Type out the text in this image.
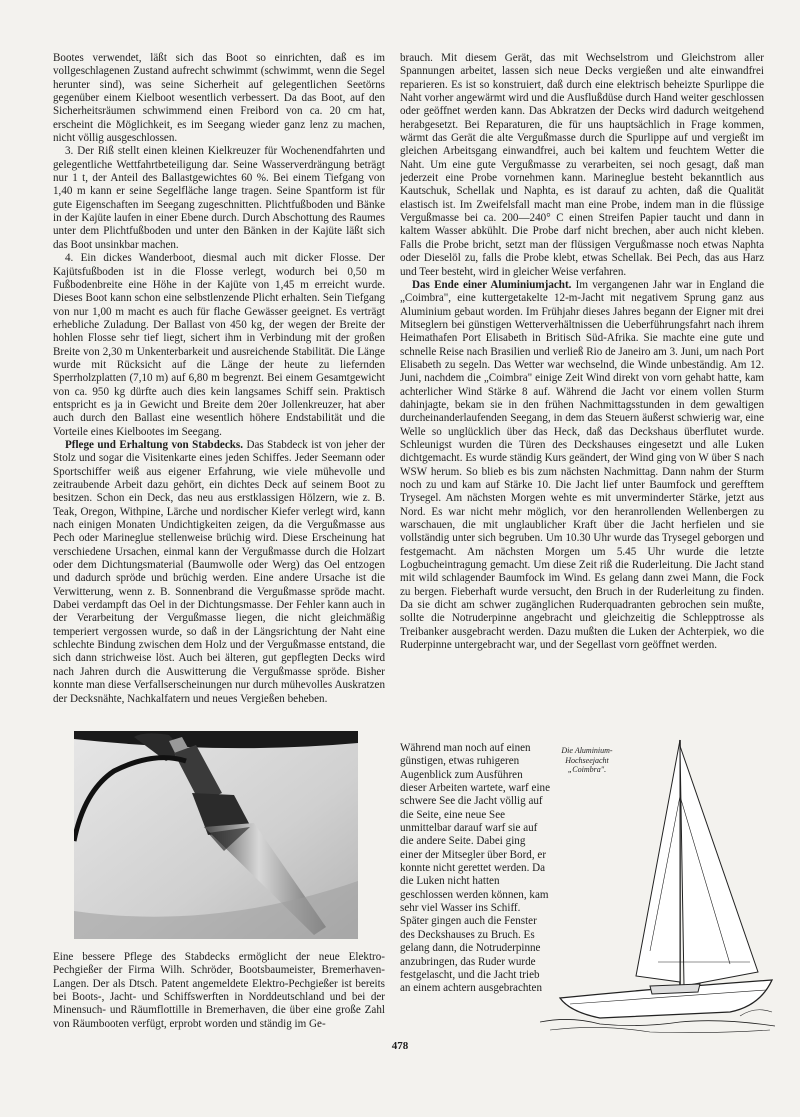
Bootes verwendet, läßt sich das Boot so einrichten, daß es im vollgeschlagenen Zustand aufrecht schwimmt (schwimmt, wenn die Segel herunter sind), was seine Sicherheit auf gelegentlichen Seetörns gegenüber einem Kielboot wesentlich verbessert. Da das Boot, auf den Sicherheitsräumen schwimmend einen Freibord von ca. 20 cm hat, erscheint die Möglichkeit, es im Seegang wieder ganz lenz zu machen, nicht völlig ausgeschlossen.

3. Der Riß stellt einen kleinen Kielkreuzer für Wochenendfahrten und gelegentliche Wettfahrtbeteiligung dar. Seine Wasserverdrängung beträgt nur 1 t, der Anteil des Ballastgewichtes 60 %. Bei einem Tiefgang von 1,40 m kann er seine Segelfläche lange tragen. Seine Spantform ist für gute Eigenschaften im Seegang zugeschnitten. Plichtfußboden und Bänke in der Kajüte laufen in einer Ebene durch. Durch Abschottung des Raumes unter dem Plichtfußboden und unter den Bänken in der Kajüte läßt sich das Boot unsinkbar machen.

4. Ein dickes Wanderboot, diesmal auch mit dicker Flosse. Der Kajütsfußboden ist in die Flosse verlegt, wodurch bei 0,50 m Fußbodenbreite eine Höhe in der Kajüte von 1,45 m erreicht wurde. Dieses Boot kann schon eine selbstlenzende Plicht erhalten. Sein Tiefgang von nur 1,00 m macht es auch für flache Gewässer geeignet. Es verträgt erhebliche Zuladung. Der Ballast von 450 kg, der wegen der Breite der hohlen Flosse sehr tief liegt, sichert ihm in Verbindung mit der großen Breite von 2,30 m Unkenterbarkeit und ausreichende Stabilität. Die Länge wurde mit Rücksicht auf die Länge der heute zu liefernden Sperrholzplatten (7,10 m) auf 6,80 m begrenzt. Bei einem Gesamtgewicht von ca. 950 kg dürfte auch dies kein langsames Schiff sein. Praktisch entspricht es ja in Gewicht und Breite dem 20er Jollenkreuzer, hat aber auch durch den Ballast eine wesentlich höhere Endstabilität und die Vorteile eines Kielbootes im Seegang.

Pflege und Erhaltung von Stabdecks. Das Stabdeck ist von jeher der Stolz und sogar die Visitenkarte eines jeden Schiffes. Jeder Seemann oder Sportschiffer weiß aus eigener Erfahrung, wie viele mühevolle und zeitraubende Arbeit dazu gehört, ein dichtes Deck auf seinem Boot zu besitzen. Schon ein Deck, das neu aus erstklassigen Hölzern, wie z. B. Teak, Oregon, Withpine, Lärche und nordischer Kiefer verlegt wird, kann nach einigen Monaten Undichtigkeiten zeigen, da die Vergußmasse aus Pech oder Marineglue stellenweise brüchig wird. Diese Erscheinung hat verschiedene Ursachen, einmal kann der Vergußmasse durch die Holzart oder dem Dichtungsmaterial (Baumwolle oder Werg) das Oel entzogen und dadurch spröde und brüchig werden. Eine andere Ursache ist die Verwitterung, wenn z. B. Sonnenbrand die Vergußmasse spröde macht. Dabei verdampft das Oel in der Dichtungsmasse. Der Fehler kann auch in der Verarbeitung der Vergußmasse liegen, die nicht gleichmäßig temperiert vergossen wurde, so daß in der Längsrichtung der Naht eine schlechte Bindung zwischen dem Holz und der Vergußmasse entstand, die sich dann strichweise löst. Auch bei älteren, gut gepflegten Decks wird nach Jahren durch die Auswitterung die Vergußmasse spröde. Bisher konnte man diese Verfallserscheinungen nur durch mühevolles Auskratzen der Decksnähte, Nachkalfatern und neues Vergießen beheben.

Eine bessere Pflege des Stabdecks ermöglicht der neue Elektro-Pechgießer der Firma Wilh. Schröder, Bootsbaumeister, Bremerhaven-Langen. Der als Dtsch. Patent angemeldete Elektro-Pechgießer ist bereits bei Boots-, Jacht- und Schiffswerften in Norddeutschland und bei der Minensuch- und Räumflottille in Bremerhaven, die über eine große Zahl von Räumbooten verfügt, erprobt worden und ständig im Ge-

brauch. Mit diesem Gerät, das mit Wechselstrom und Gleichstrom aller Spannungen arbeitet, lassen sich neue Decks vergießen und alte einwandfrei reparieren. Es ist so konstruiert, daß durch eine elektrisch beheizte Spurlippe die Naht vorher angewärmt wird und die Ausflußdüse durch Hand weiter geschlossen oder geöffnet werden kann. Das Abkratzen der Decks wird dadurch weitgehend herabgesetzt. Bei Reparaturen, die für uns hauptsächlich in Frage kommen, wärmt das Gerät die alte Vergußmasse durch die Spurlippe auf und vergießt im gleichen Arbeitsgang einwandfrei, auch bei kaltem und feuchtem Wetter die Naht. Um eine gute Vergußmasse zu verarbeiten, sei noch gesagt, daß man jederzeit eine Probe vornehmen kann. Marineglue besteht bekanntlich aus Kautschuk, Schellak und Naphta, es ist darauf zu achten, daß die Qualität elastisch ist. Im Zweifelsfall macht man eine Probe, indem man in die flüssige Vergußmasse bei ca. 200—240° C einen Streifen Papier taucht und dann in kaltem Wasser abkühlt. Die Probe darf nicht brechen, aber auch nicht kleben. Falls die Probe bricht, setzt man der flüssigen Vergußmasse noch etwas Naphta oder Dieselöl zu, falls die Probe klebt, etwas Schellak. Bei Pech, das aus Harz und Teer besteht, wird in gleicher Weise verfahren.

Das Ende einer Aluminiumjacht. Im vergangenen Jahr war in England die „Coimbra", eine kuttergetakelte 12-m-Jacht mit negativem Sprung ganz aus Aluminium gebaut worden. Im Frühjahr dieses Jahres begann der Eigner mit drei Mitseglern bei günstigen Wetterverhältnissen die Ueberführungsfahrt nach ihrem Heimathafen Port Elisabeth in Britisch Süd-Afrika. Sie machte eine gute und schnelle Reise nach Brasilien und verließ Rio de Janeiro am 3. Juni, um nach Port Elisabeth zu segeln. Das Wetter war wechselnd, die Winde unbeständig. Am 12. Juni, nachdem die „Coimbra" einige Zeit Wind direkt von vorn gehabt hatte, kam achterlicher Wind Stärke 8 auf. Während die Jacht vor einem vollen Sturm dahinjagte, bekam sie in den frühen Nachmittagsstunden in dem gewaltigen durcheinanderlaufenden Seegang, in dem das Steuern äußerst schwierig war, eine Welle so unglücklich über das Heck, daß das Deckshaus überflutet wurde. Schleunigst wurden die Türen des Deckshauses eingesetzt und alle Luken dichtgemacht. Es wurde ständig Kurs geändert, der Wind ging von W über S nach WSW herum. So blieb es bis zum nächsten Nachmittag. Dann nahm der Sturm noch zu und kam auf Stärke 10. Die Jacht lief unter Baumfock und gerefftem Trysegel. Am nächsten Morgen wehte es mit unverminderter Stärke, jetzt aus Nord. Es war nicht mehr möglich, vor den heranrollenden Wellenbergen zu warschauen, die mit unglaublicher Kraft über die Jacht herfielen und sie vollständig unter sich begruben. Um 10.30 Uhr wurde das Trysegel geborgen und festgemacht. Am nächsten Morgen um 5.45 Uhr wurde die letzte Logbucheintragung gemacht. Um diese Zeit riß die Ruderleitung. Die Jacht stand mit wild schlagender Baumfock im Wind. Es gelang dann zwei Mann, die Fock zu bergen. Fieberhaft wurde versucht, den Bruch in der Ruderleitung zu finden. Da sie dicht am schwer zugänglichen Ruderquadranten gebrochen sein mußte, sollte die Notruderpinne angebracht und gleichzeitig die Schlepptrosse als Treibanker ausgebracht werden. Dazu mußten die Luken der Achterpiek, wo die Ruderpinne untergebracht war, und der Segellast vorn geöffnet werden.

Während man noch auf einen günstigen, etwas ruhigeren Augenblick zum Ausführen dieser Arbeiten wartete, warf eine schwere See die Jacht völlig auf die Seite, eine neue See unmittelbar darauf warf sie auf die andere Seite. Dabei ging einer der Mitsegler über Bord, er konnte nicht gerettet werden. Da die Luken nicht hatten geschlossen werden können, kam sehr viel Wasser ins Schiff. Später gingen auch die Fenster des Deckshauses zu Bruch. Es gelang dann, die Notruderpinne anzubringen, das Ruder wurde festgelascht, und die Jacht trieb an einem achtern ausgebrachten

Die Aluminium-Hochseejacht „Coimbra".
478
